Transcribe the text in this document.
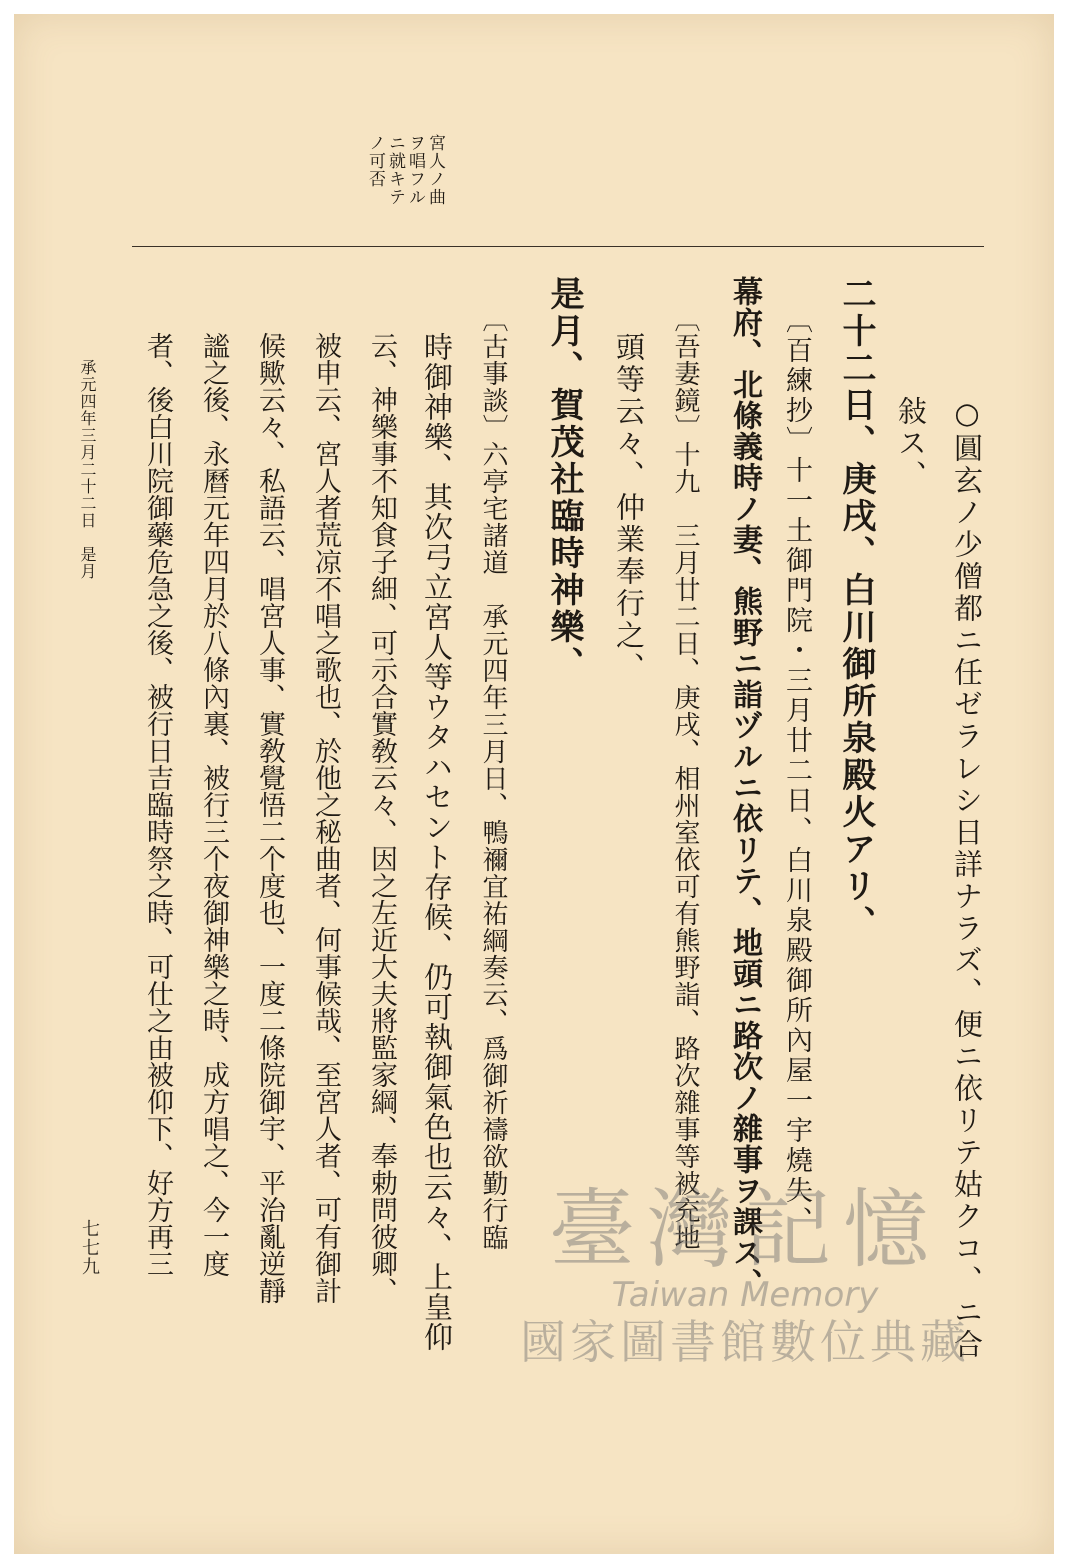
宮人ノ曲
ヲ唱フル
ニ就キテ
ノ可否
○圓玄ノ少僧都ニ任ゼラレシ日詳ナラズ、便ニ依リテ姑クコ、ニ合
敍ス、
二十二日、庚戌、白川御所泉殿火アリ、
〔百練抄〕十一土御門院・三月廿二日、白川泉殿御所內屋一宇燒失、
幕府、北條義時ノ妻、熊野ニ詣ヅルニ依リテ、地頭ニ路次ノ雜事ヲ課ス、
〔吾妻鏡〕十九　三月廿二日、庚戌、相州室依可有熊野詣、路次雜事等被充地
頭等云々、仲業奉行之、
是月、賀茂社臨時神樂、
〔古事談〕六亭宅諸道　承元四年三月日、鴨禰宜祐綱奏云、爲御祈禱欲勤行臨
時御神樂、其次弓立宮人等ウタハセント存候、仍可執御氣色也云々、上皇仰
云、神樂事不知食子細、可示合實敎云々、因之左近大夫將監家綱、奉勅問彼卿、
被申云、宮人者荒凉不唱之歌也、於他之秘曲者、何事候哉、至宮人者、可有御計
候歟云々、私語云、唱宮人事、實敎覺悟二个度也、一度二條院御宇、平治亂逆靜
謐之後、永曆元年四月於八條內裏、被行三个夜御神樂之時、成方唱之、今一度
者、後白川院御藥危急之後、被行日吉臨時祭之時、可仕之由被仰下、好方再三
承元四年三月二十二日　是月
七七九	臺灣記憶
Taiwan Memory
國家圖書館數位典藏
